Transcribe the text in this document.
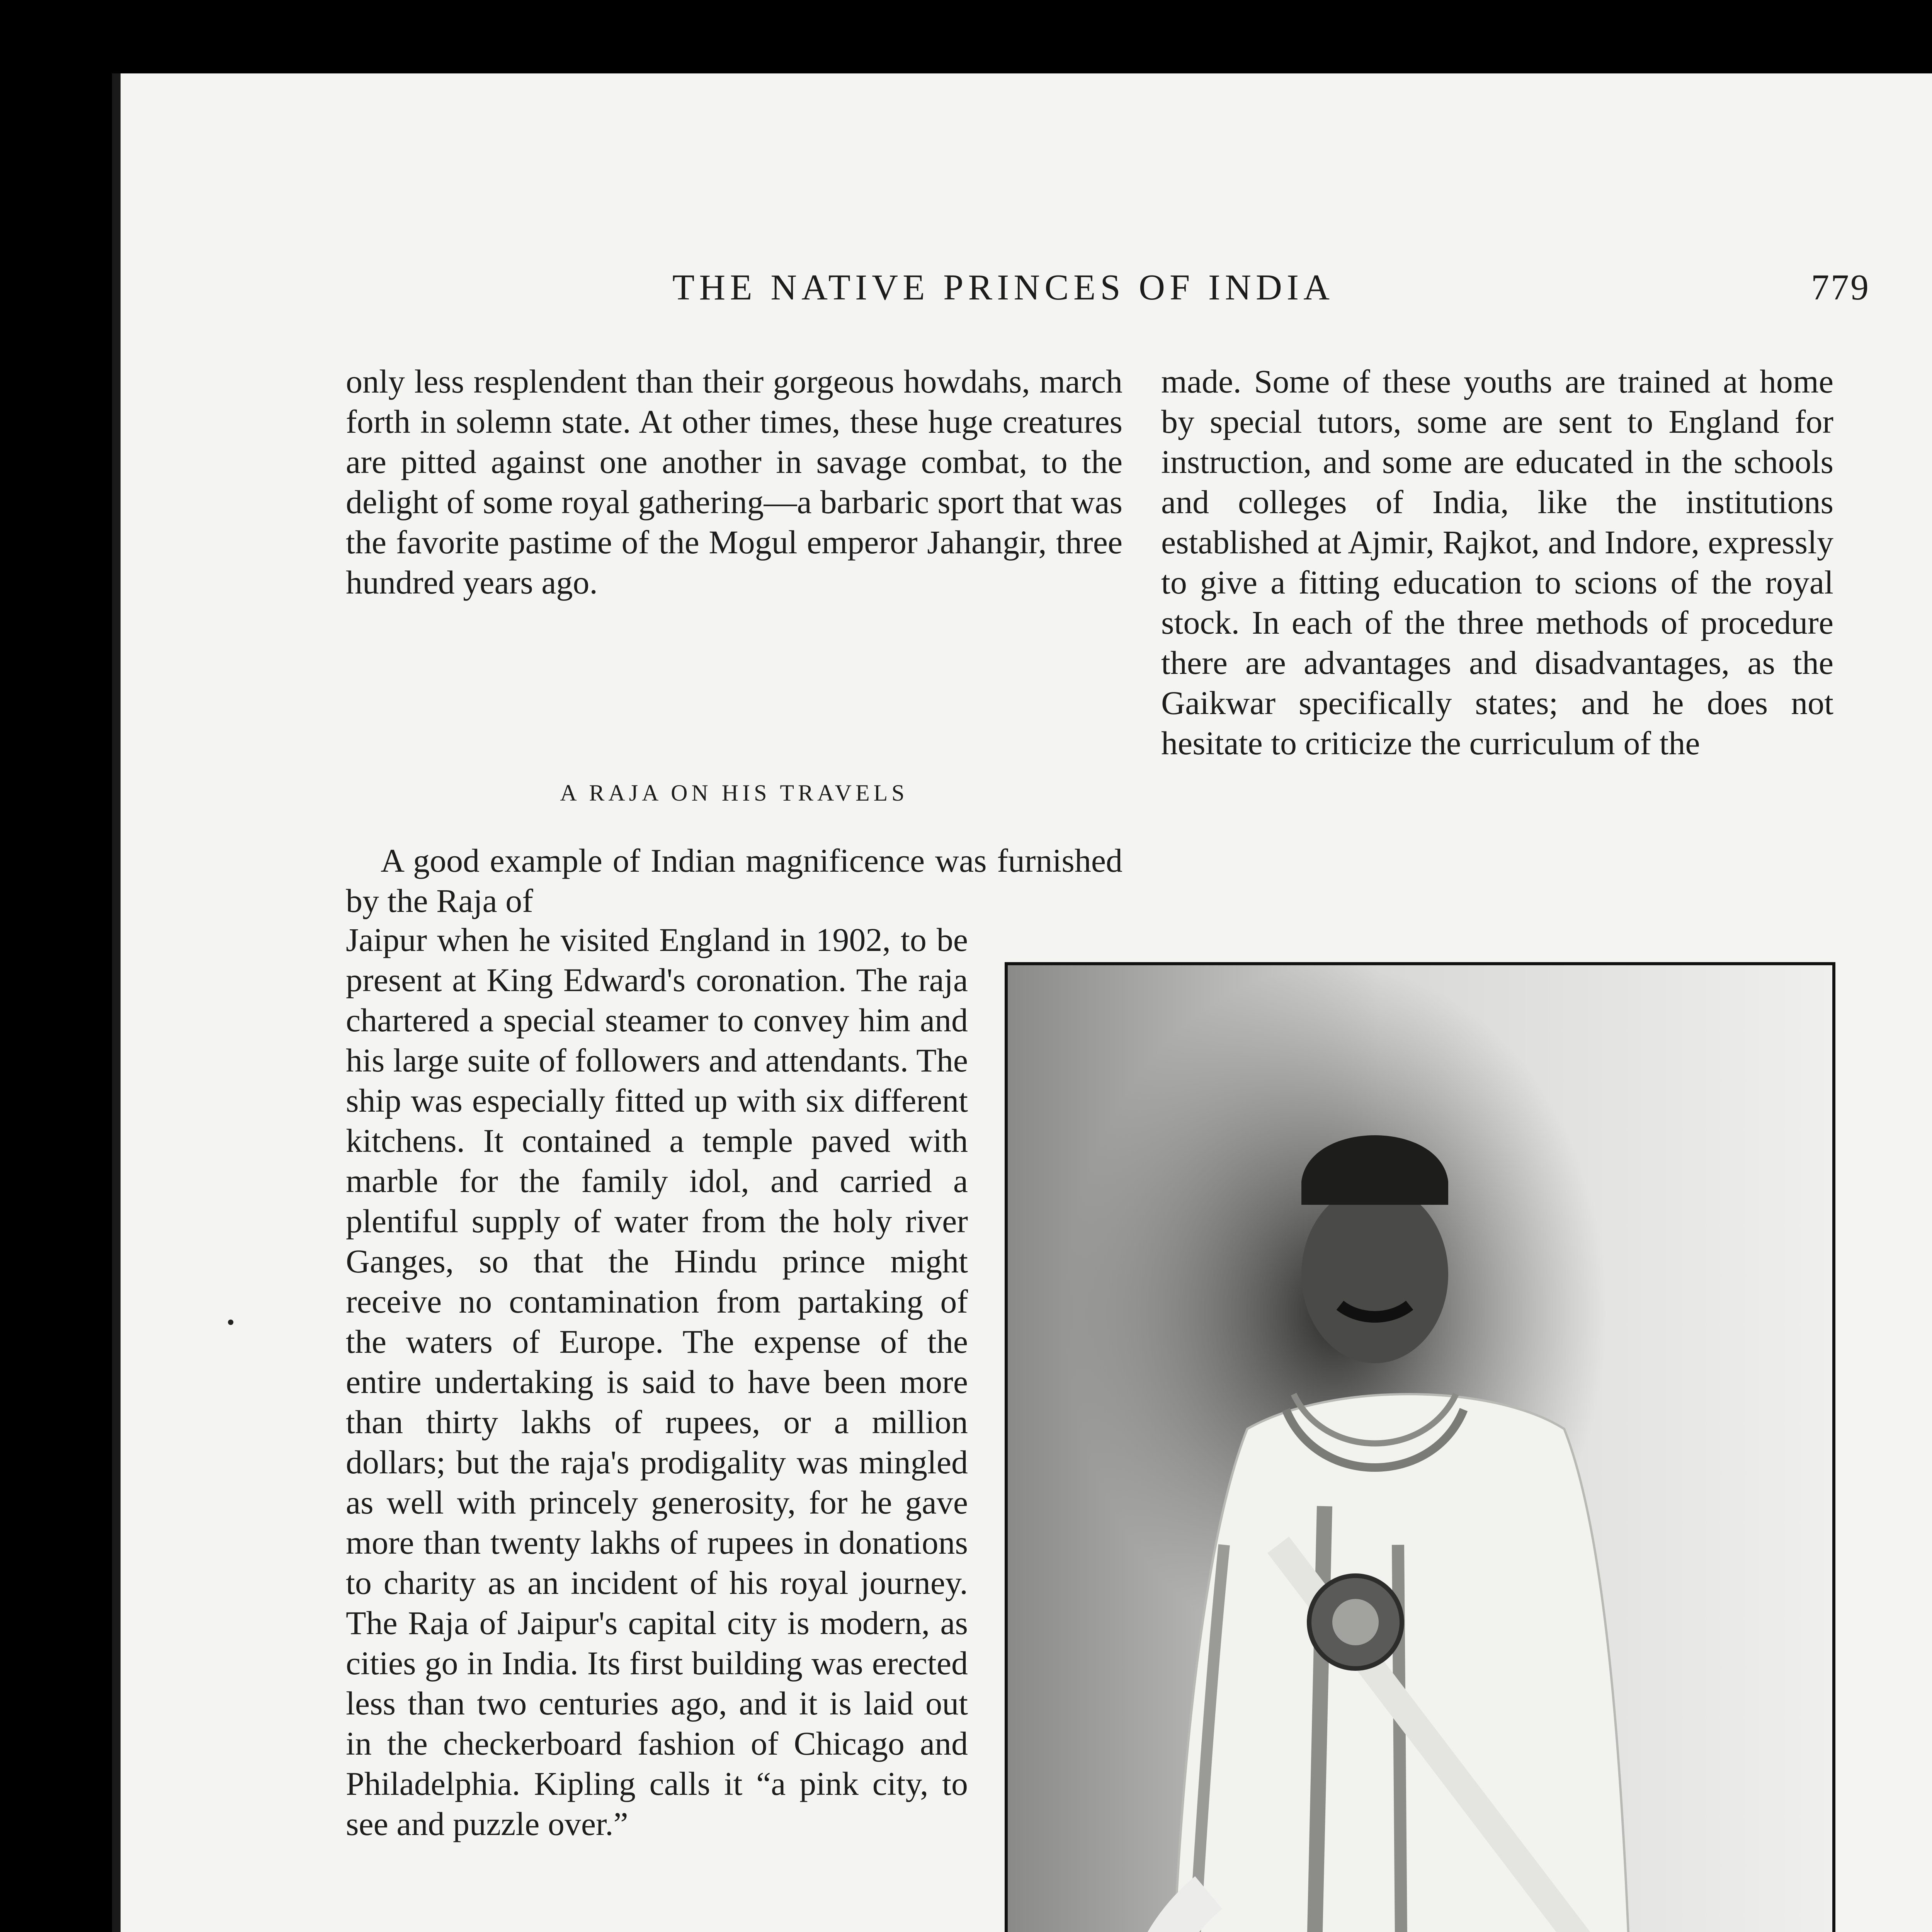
THE NATIVE PRINCES OF INDIA	779

only less resplendent than their gorgeous howdahs, march forth in solemn state. At other times, these huge creatures are pitted against one another in savage combat, to the delight of some royal gathering—a barbaric sport that was the favorite pastime of the Mogul emperor Jahangir, three hundred years ago.

A RAJA ON HIS TRAVELS

A good example of Indian magnificence was furnished by the Raja of

Jaipur when he visited England in 1902, to be present at King Edward's coronation. The raja chartered a special steamer to convey him and his large suite of followers and attendants. The ship was especially fitted up with six different kitchens. It contained a temple paved with marble for the family idol, and carried a plentiful supply of water from the holy river Ganges, so that the Hindu prince might receive no contamination from partaking of the waters of Europe. The expense of the entire undertaking is said to have been more than thirty lakhs of rupees, or a million dollars; but the raja's prodigality was mingled as well with princely generosity, for he gave more than twenty lakhs of rupees in donations to charity as an incident of his royal journey. The Raja of Jaipur's capital city is modern, as cities go in India. Its first building was erected less than two centuries ago, and it is laid out in the checkerboard fashion of Chicago and Philadelphia. Kipling calls it “a pink city, to see and puzzle over.”

made. Some of these youths are trained at home by special tutors, some are sent to England for instruction, and some are educated in the schools and colleges of India, like the institutions established at Ajmir, Rajkot, and Indore, expressly to give a fitting education to scions of the royal stock. In each of the three methods of procedure there are advantages and disadvantages, as the Gaikwar specifically states; and he does not hesitate to criticize the curriculum of the
